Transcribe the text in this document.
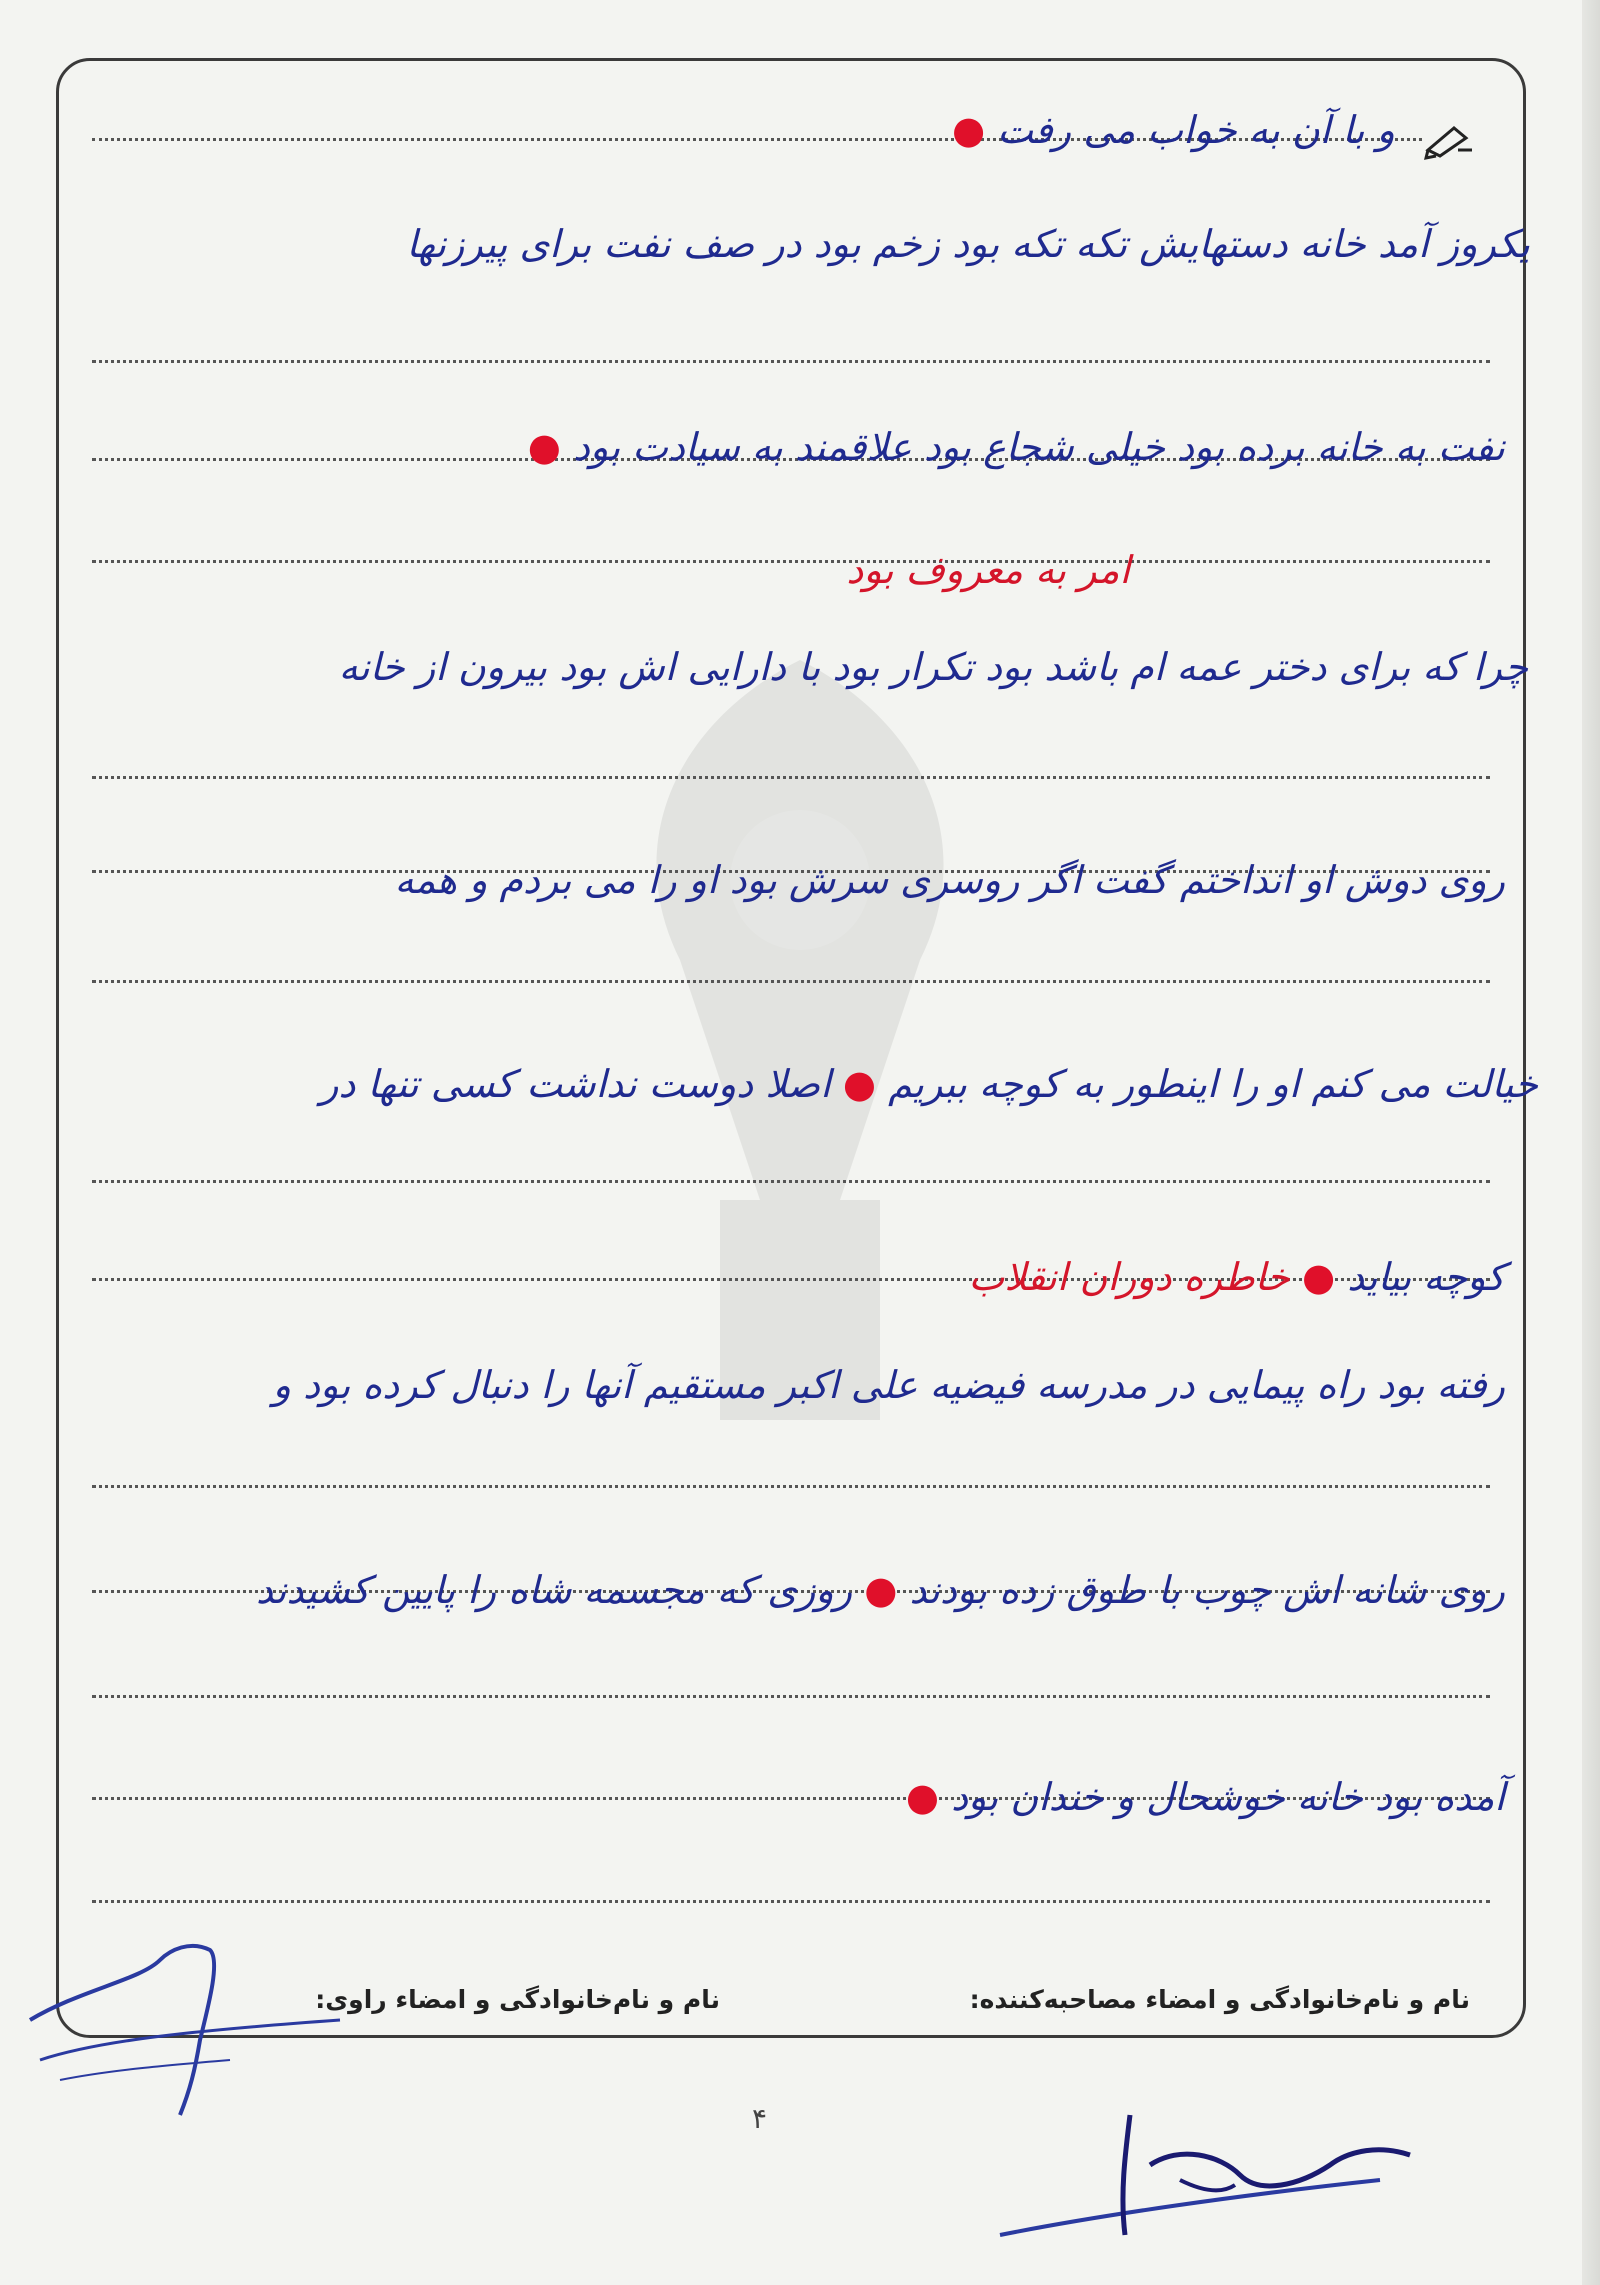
و با آن به خواب می رفت ●
یکروز آمد خانه دستهایش تکه تکه بود زخم بود در صف نفت برای پیرزنها
نفت به خانه برده بود خیلی شجاع بود علاقمند به سیادت بود ●
امر به معروف بود
چرا که برای دختر عمه ام باشد بود تکرار بود با دارایی اش بود بیرون از خانه
روی دوش او انداختم گفت اگر روسری سرش بود او را می بردم و همه
خیالت می کنم او را اینطور به کوچه ببریم ● اصلا دوست نداشت کسی تنها در
کوچه بیاید ● خاطره دوران انقلاب
رفته بود راه پیمایی در مدرسه فیضیه علی اکبر مستقیم آنها را دنبال کرده بود و
روی شانه اش چوب با طوق زده بودند ● روزی که مجسمه شاه را پایین کشیدند
آمده بود خانه خوشحال و خندان بود ●
نام و نام‌خانوادگی و امضاء مصاحبه‌کننده:
نام و نام‌خانوادگی و امضاء راوی:
۴
